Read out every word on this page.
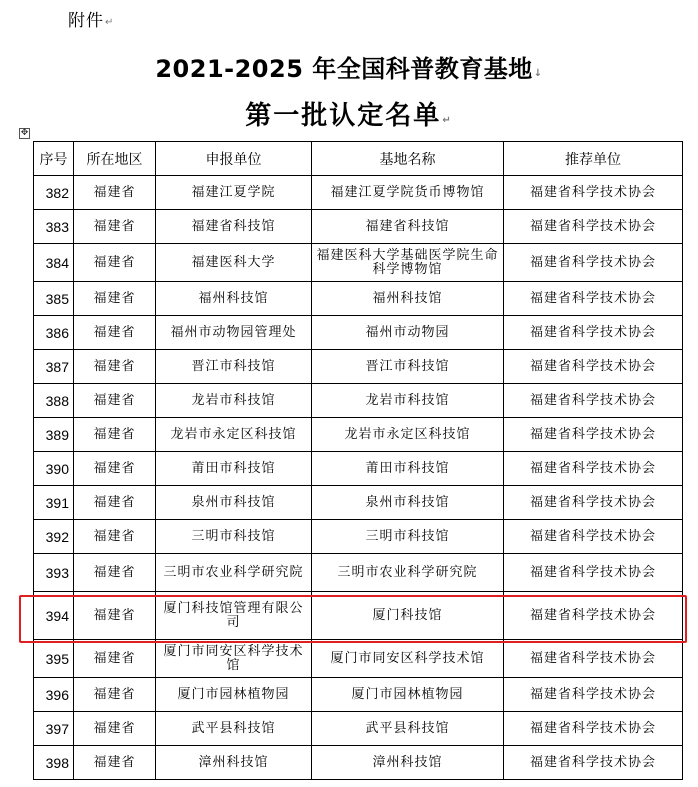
附件↵
2021-2025 年全国科普教育基地↓
第一批认定名单↵
✥
序号	所在地区	申报单位	基地名称	推荐单位
382	福建省	福建江夏学院	福建江夏学院货币博物馆	福建省科学技术协会
383	福建省	福建省科技馆	福建省科技馆	福建省科学技术协会
384	福建省	福建医科大学	福建医科大学基础医学院生命科学博物馆	福建省科学技术协会
385	福建省	福州科技馆	福州科技馆	福建省科学技术协会
386	福建省	福州市动物园管理处	福州市动物园	福建省科学技术协会
387	福建省	晋江市科技馆	晋江市科技馆	福建省科学技术协会
388	福建省	龙岩市科技馆	龙岩市科技馆	福建省科学技术协会
389	福建省	龙岩市永定区科技馆	龙岩市永定区科技馆	福建省科学技术协会
390	福建省	莆田市科技馆	莆田市科技馆	福建省科学技术协会
391	福建省	泉州市科技馆	泉州市科技馆	福建省科学技术协会
392	福建省	三明市科技馆	三明市科技馆	福建省科学技术协会
393	福建省	三明市农业科学研究院	三明市农业科学研究院	福建省科学技术协会
394	福建省	厦门科技馆管理有限公司	厦门科技馆	福建省科学技术协会
395	福建省	厦门市同安区科学技术馆	厦门市同安区科学技术馆	福建省科学技术协会
396	福建省	厦门市园林植物园	厦门市园林植物园	福建省科学技术协会
397	福建省	武平县科技馆	武平县科技馆	福建省科学技术协会
398	福建省	漳州科技馆	漳州科技馆	福建省科学技术协会
